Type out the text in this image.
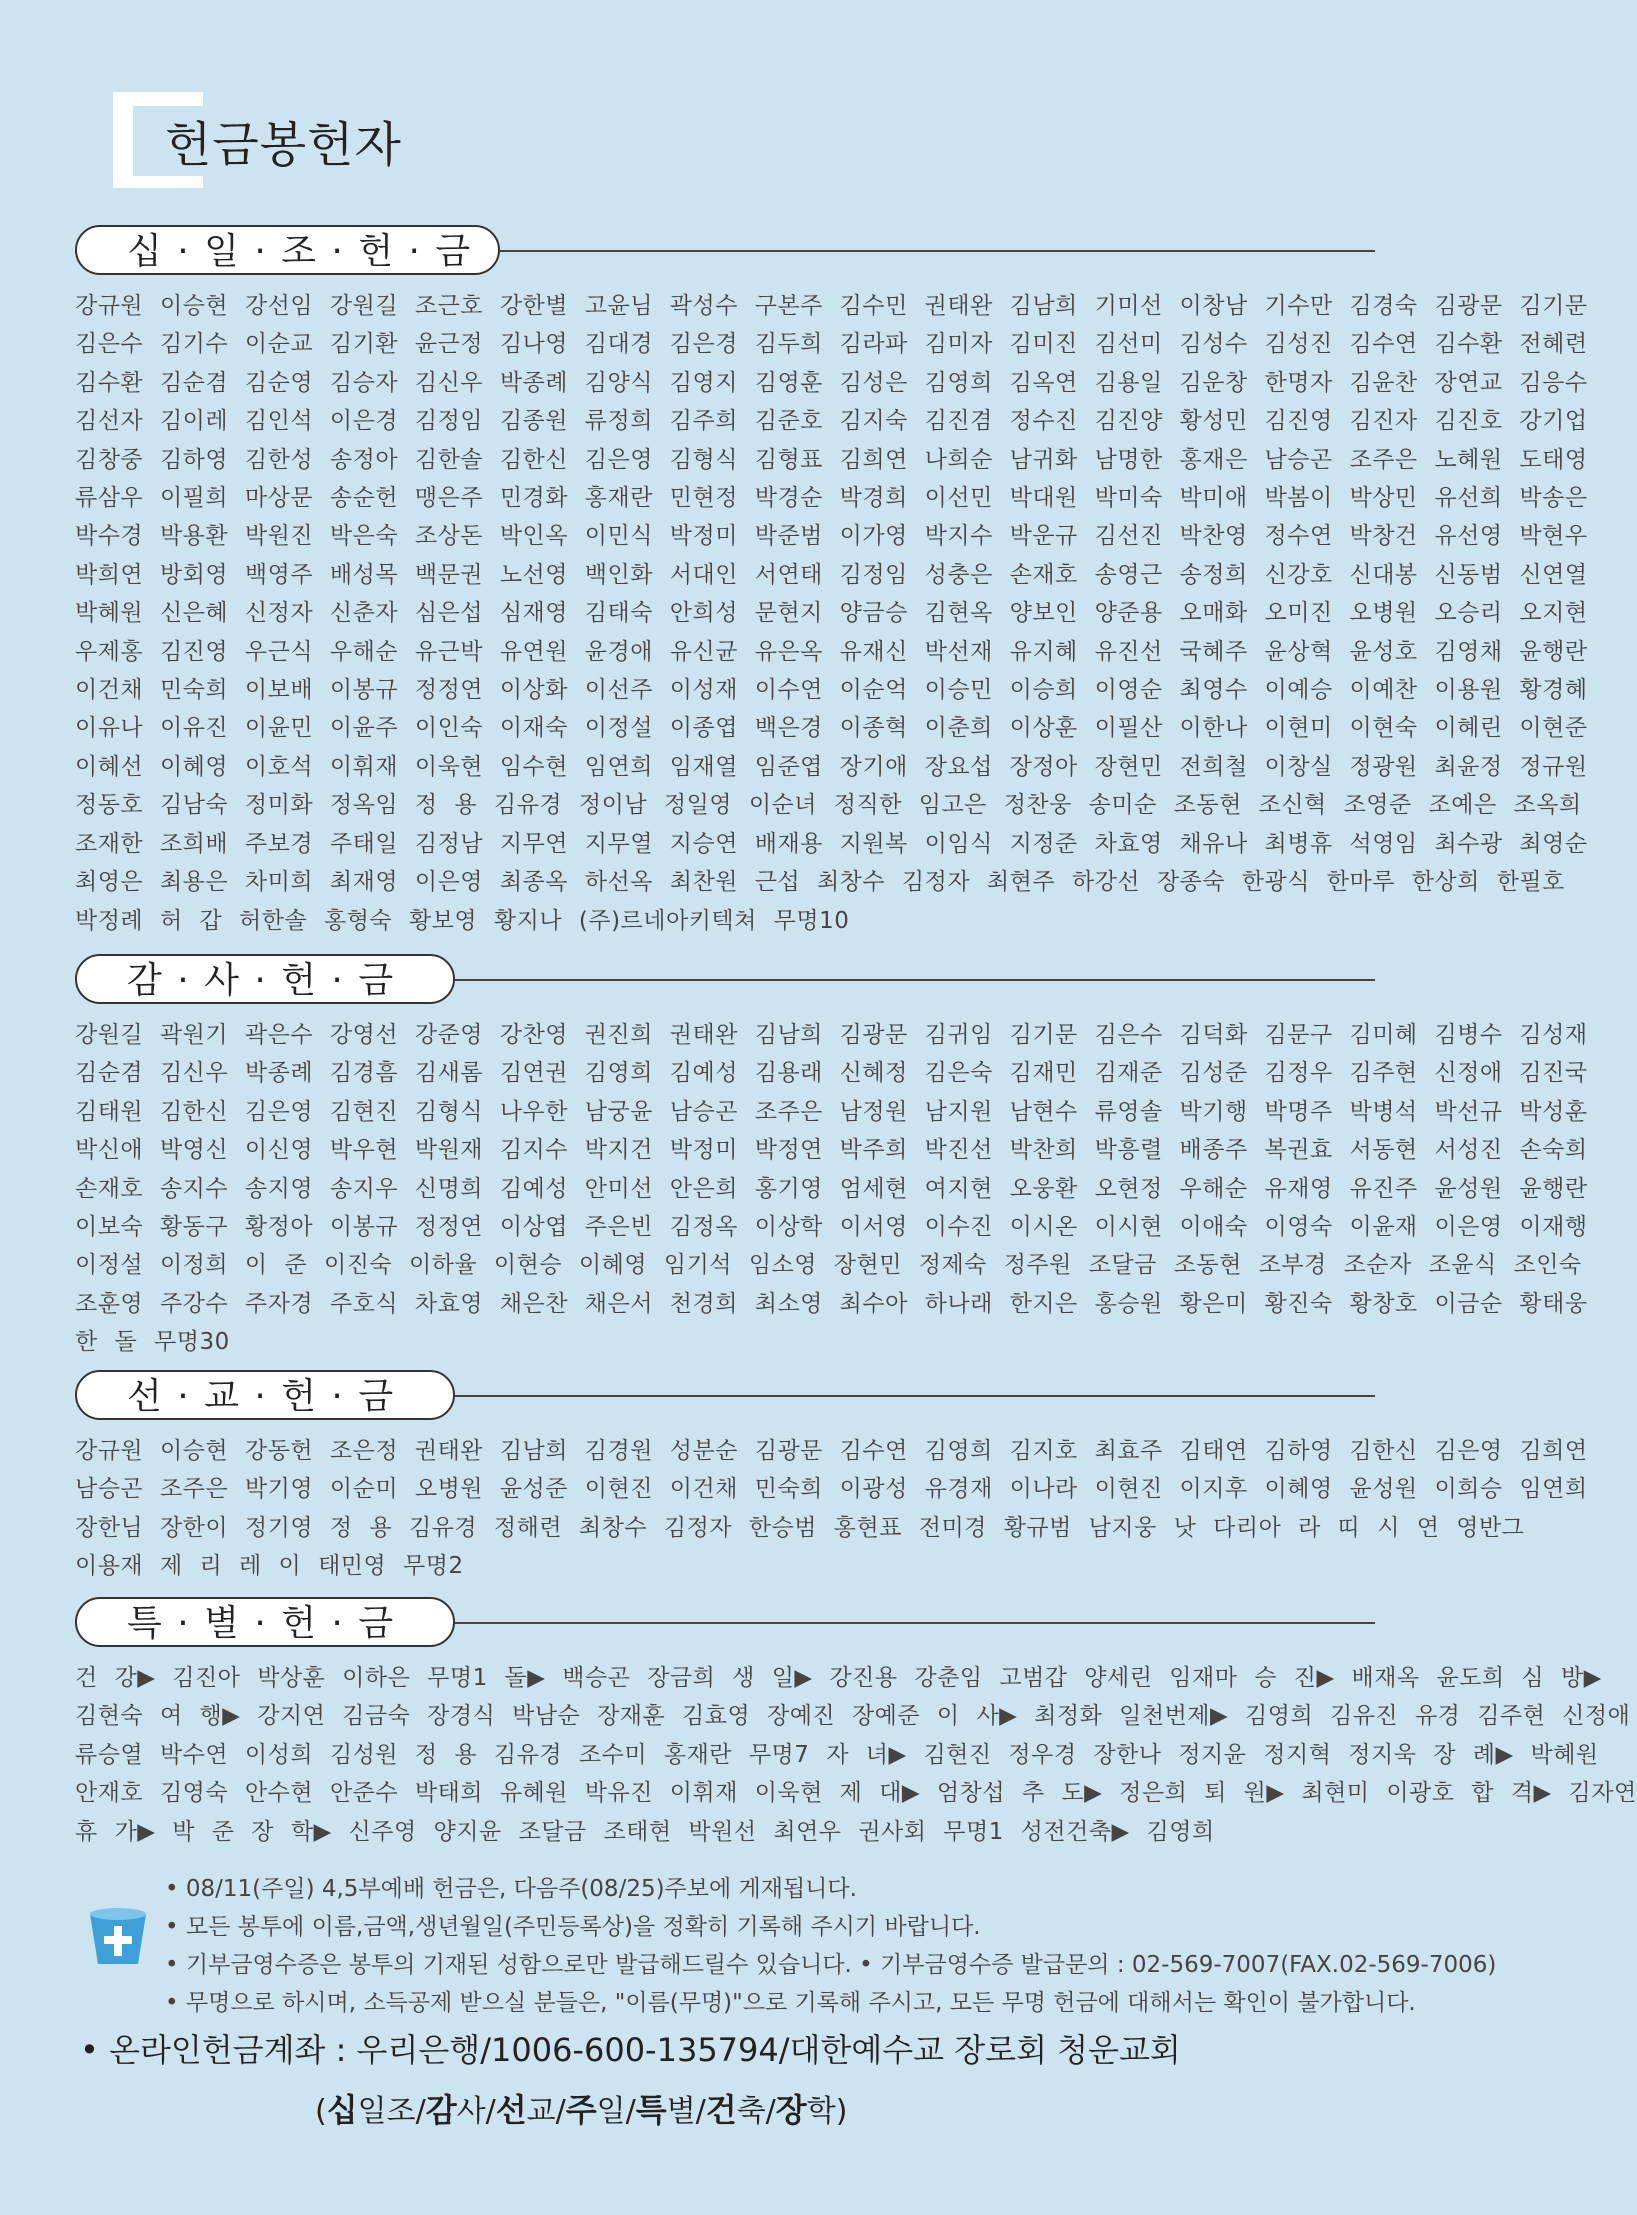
헌금봉헌자
십 · 일 · 조 · 헌 · 금
강규원 이승현 강선임 강원길 조근호 강한별 고윤님 곽성수 구본주 김수민 권태완 김남희 기미선 이창남 기수만 김경숙 김광문 김기문
김은수 김기수 이순교 김기환 윤근정 김나영 김대경 김은경 김두희 김라파 김미자 김미진 김선미 김성수 김성진 김수연 김수환 전혜련
김수환 김순겸 김순영 김승자 김신우 박종례 김양식 김영지 김영훈 김성은 김영희 김옥연 김용일 김운창 한명자 김윤찬 장연교 김응수
김선자 김이레 김인석 이은경 김정임 김종원 류정희 김주희 김준호 김지숙 김진겸 정수진 김진양 황성민 김진영 김진자 김진호 강기업
김창중 김하영 김한성 송정아 김한솔 김한신 김은영 김형식 김형표 김희연 나희순 남귀화 남명한 홍재은 남승곤 조주은 노혜원 도태영
류삼우 이필희 마상문 송순헌 맹은주 민경화 홍재란 민현정 박경순 박경희 이선민 박대원 박미숙 박미애 박봄이 박상민 유선희 박송은
박수경 박용환 박원진 박은숙 조상돈 박인옥 이민식 박정미 박준범 이가영 박지수 박운규 김선진 박찬영 정수연 박창건 유선영 박현우
박희연 방회영 백영주 배성목 백문권 노선영 백인화 서대인 서연태 김정임 성충은 손재호 송영근 송정희 신강호 신대봉 신동범 신연열
박혜원 신은혜 신정자 신춘자 심은섭 심재영 김태숙 안희성 문현지 양금승 김현옥 양보인 양준용 오매화 오미진 오병원 오승리 오지현
우제홍 김진영 우근식 우해순 유근박 유연원 윤경애 유신균 유은옥 유재신 박선재 유지혜 유진선 국혜주 윤상혁 윤성호 김영채 윤행란
이건채 민숙희 이보배 이봉규 정정연 이상화 이선주 이성재 이수연 이순억 이승민 이승희 이영순 최영수 이예승 이예찬 이용원 황경혜
이유나 이유진 이윤민 이윤주 이인숙 이재숙 이정설 이종엽 백은경 이종혁 이춘희 이상훈 이필산 이한나 이현미 이현숙 이혜린 이현준
이혜선 이혜영 이호석 이휘재 이욱현 임수현 임연희 임재열 임준엽 장기애 장요섭 장정아 장현민 전희철 이창실 정광원 최윤정 정규원
정동호 김남숙 정미화 정옥임 정 용 김유경 정이남 정일영 이순녀 정직한 임고은 정찬웅 송미순 조동현 조신혁 조영준 조예은 조옥희
조재한 조희배 주보경 주태일 김정남 지무연 지무열 지승연 배재용 지원복 이임식 지정준 차효영 채유나 최병휴 석영임 최수광 최영순
최영은 최용은 차미희 최재영 이은영 최종옥 하선옥 최찬원 근섭 최창수 김정자 최현주 하강선 장종숙 한광식 한마루 한상희 한필호
박정례 허 갑 허한솔 홍형숙 황보영 황지나 (주)르네아키텍쳐 무명10
감 · 사 · 헌 · 금
강원길 곽원기 곽은수 강영선 강준영 강찬영 권진희 권태완 김남희 김광문 김귀임 김기문 김은수 김덕화 김문구 김미혜 김병수 김성재
김순겸 김신우 박종례 김경흠 김새롬 김연권 김영희 김예성 김용래 신혜정 김은숙 김재민 김재준 김성준 김정우 김주현 신정애 김진국
김태원 김한신 김은영 김현진 김형식 나우한 남궁윤 남승곤 조주은 남정원 남지원 남현수 류영솔 박기행 박명주 박병석 박선규 박성훈
박신애 박영신 이신영 박우현 박원재 김지수 박지건 박정미 박정연 박주희 박진선 박찬희 박흥렬 배종주 복권효 서동현 서성진 손숙희
손재호 송지수 송지영 송지우 신명희 김예성 안미선 안은희 홍기영 엄세현 여지현 오웅환 오현정 우해순 유재영 유진주 윤성원 윤행란
이보숙 황동구 황정아 이봉규 정정연 이상엽 주은빈 김정옥 이상학 이서영 이수진 이시온 이시현 이애숙 이영숙 이윤재 이은영 이재행
이정설 이정희 이 준 이진숙 이하율 이현승 이혜영 임기석 임소영 장현민 정제숙 정주원 조달금 조동현 조부경 조순자 조윤식 조인숙
조훈영 주강수 주자경 주호식 차효영 채은찬 채은서 천경희 최소영 최수아 하나래 한지은 홍승원 황은미 황진숙 황창호 이금순 황태웅
한 돌 무명30
선 · 교 · 헌 · 금
강규원 이승현 강동헌 조은정 권태완 김남희 김경원 성분순 김광문 김수연 김영희 김지호 최효주 김태연 김하영 김한신 김은영 김희연
남승곤 조주은 박기영 이순미 오병원 윤성준 이현진 이건채 민숙희 이광성 유경재 이나라 이현진 이지후 이혜영 윤성원 이희승 임연희
장한님 장한이 정기영 정 용 김유경 정해련 최창수 김정자 한승범 홍현표 전미경 황규범 남지웅 낫 다리아 라 띠 시 연 영반그
이용재 제 리 레 이 태민영 무명2
특 · 별 · 헌 · 금
건 강▶ 김진아 박상훈 이하은 무명1 돌▶ 백승곤 장금희 생 일▶ 강진용 강춘임 고범갑 양세린 임재마 승 진▶ 배재옥 윤도희 심 방▶
김현숙 여 행▶ 강지연 김금숙 장경식 박남순 장재훈 김효영 장예진 장예준 이 사▶ 최정화 일천번제▶ 김영희 김유진 유경 김주현 신정애
류승열 박수연 이성희 김성원 정 용 김유경 조수미 홍재란 무명7 자 녀▶ 김현진 정우경 장한나 정지윤 정지혁 정지욱 장 례▶ 박혜원
안재호 김영숙 안수현 안준수 박태희 유혜원 박유진 이휘재 이욱현 제 대▶ 엄창섭 추 도▶ 정은희 퇴 원▶ 최현미 이광호 합 격▶ 김자연
휴 가▶ 박 준 장 학▶ 신주영 양지윤 조달금 조태현 박원선 최연우 권사회 무명1 성전건축▶ 김영희
• 08/11(주일) 4,5부예배 헌금은, 다음주(08/25)주보에 게재됩니다.
• 모든 봉투에 이름,금액,생년월일(주민등록상)을 정확히 기록해 주시기 바랍니다.
• 기부금영수증은 봉투의 기재된 성함으로만 발급해드릴수 있습니다. • 기부금영수증 발급문의 : 02-569-7007(FAX.02-569-7006)
• 무명으로 하시며, 소득공제 받으실 분들은, "이름(무명)"으로 기록해 주시고, 모든 무명 헌금에 대해서는 확인이 불가합니다.
• 온라인헌금계좌 : 우리은행/1006-600-135794/대한예수교 장로회 청운교회
(십일조/감사/선교/주일/특별/건축/장학)
